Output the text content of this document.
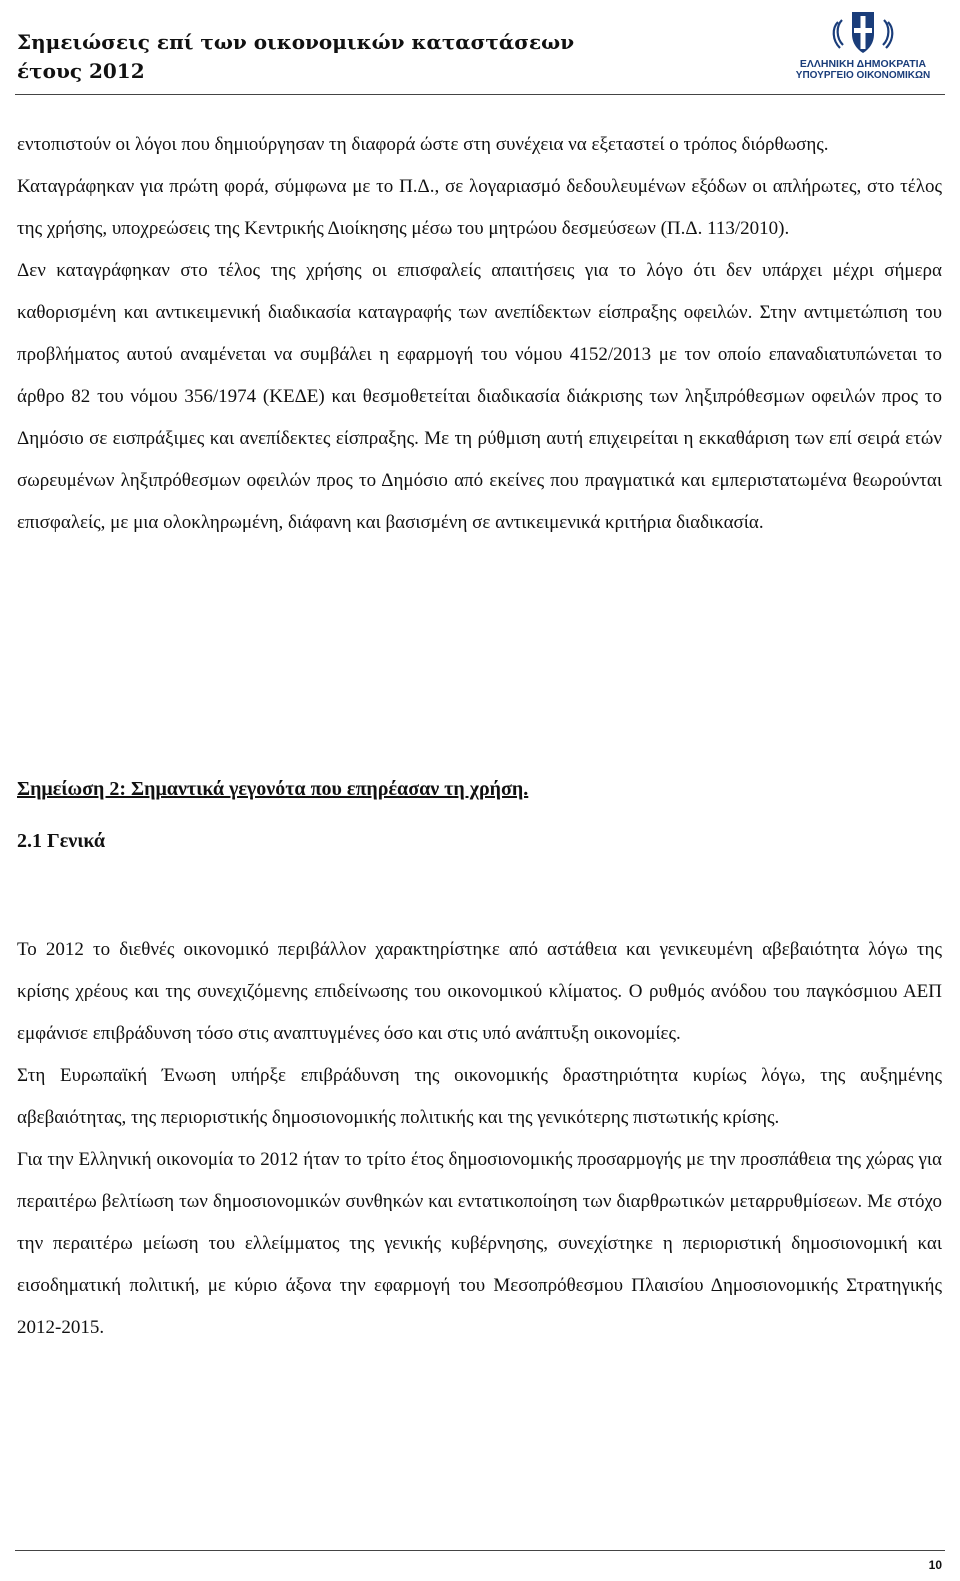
Σημειώσεις επί των οικονομικών καταστάσεων
έτους 2012	ΕΛΛΗΝΙΚΗ ΔΗΜΟΚΡΑΤΙΑ
ΥΠΟΥΡΓΕΙΟ ΟΙΚΟΝΟΜΙΚΩΝ

εντοπιστούν οι λόγοι που δημιούργησαν τη διαφορά ώστε στη συνέχεια να εξεταστεί ο τρόπος διόρθωσης.

Καταγράφηκαν για πρώτη φορά, σύμφωνα με το Π.Δ., σε λογαριασμό δεδουλευμένων εξόδων οι απλήρωτες, στο τέλος της χρήσης, υποχρεώσεις της Κεντρικής Διοίκησης μέσω του μητρώου δεσμεύσεων (Π.Δ. 113/2010).

Δεν καταγράφηκαν στο τέλος της χρήσης οι επισφαλείς απαιτήσεις για το λόγο ότι δεν υπάρχει μέχρι σήμερα καθορισμένη και αντικειμενική διαδικασία καταγραφής των ανεπίδεκτων είσπραξης οφειλών. Στην αντιμετώπιση του προβλήματος αυτού αναμένεται να συμβάλει η εφαρμογή του νόμου 4152/2013 με τον οποίο επαναδιατυπώνεται το άρθρο 82 του νόμου 356/1974 (ΚΕΔΕ) και θεσμοθετείται διαδικασία διάκρισης των ληξιπρόθεσμων οφειλών προς το Δημόσιο σε εισπράξιμες και ανεπίδεκτες είσπραξης. Με τη ρύθμιση αυτή επιχειρείται η εκκαθάριση των επί σειρά ετών σωρευμένων ληξιπρόθεσμων οφειλών προς το Δημόσιο από εκείνες που πραγματικά και εμπεριστατωμένα θεωρούνται επισφαλείς, με μια ολοκληρωμένη, διάφανη και βασισμένη σε αντικειμενικά κριτήρια διαδικασία.

Σημείωση 2: Σημαντικά γεγονότα που επηρέασαν τη χρήση.
2.1 Γενικά

Το 2012 το διεθνές οικονομικό περιβάλλον χαρακτηρίστηκε από αστάθεια και γενικευμένη αβεβαιότητα λόγω της κρίσης χρέους και της συνεχιζόμενης επιδείνωσης του οικονομικού κλίματος. Ο ρυθμός ανόδου του παγκόσμιου ΑΕΠ εμφάνισε επιβράδυνση τόσο στις αναπτυγμένες όσο και στις υπό ανάπτυξη οικονομίες.

Στη Ευρωπαϊκή Ένωση υπήρξε επιβράδυνση της οικονομικής δραστηριότητα κυρίως λόγω, της αυξημένης αβεβαιότητας, της περιοριστικής δημοσιονομικής πολιτικής και της γενικότερης πιστωτικής κρίσης.

Για την Ελληνική οικονομία το 2012 ήταν το τρίτο έτος δημοσιονομικής προσαρμογής με την προσπάθεια της χώρας για περαιτέρω βελτίωση των δημοσιονομικών συνθηκών και εντατικοποίηση των διαρθρωτικών μεταρρυθμίσεων. Με στόχο την περαιτέρω μείωση του ελλείμματος της γενικής κυβέρνησης, συνεχίστηκε η περιοριστική δημοσιονομική και εισοδηματική πολιτική, με κύριο άξονα την εφαρμογή του Μεσοπρόθεσμου Πλαισίου Δημοσιονομικής Στρατηγικής 2012-2015.

10
